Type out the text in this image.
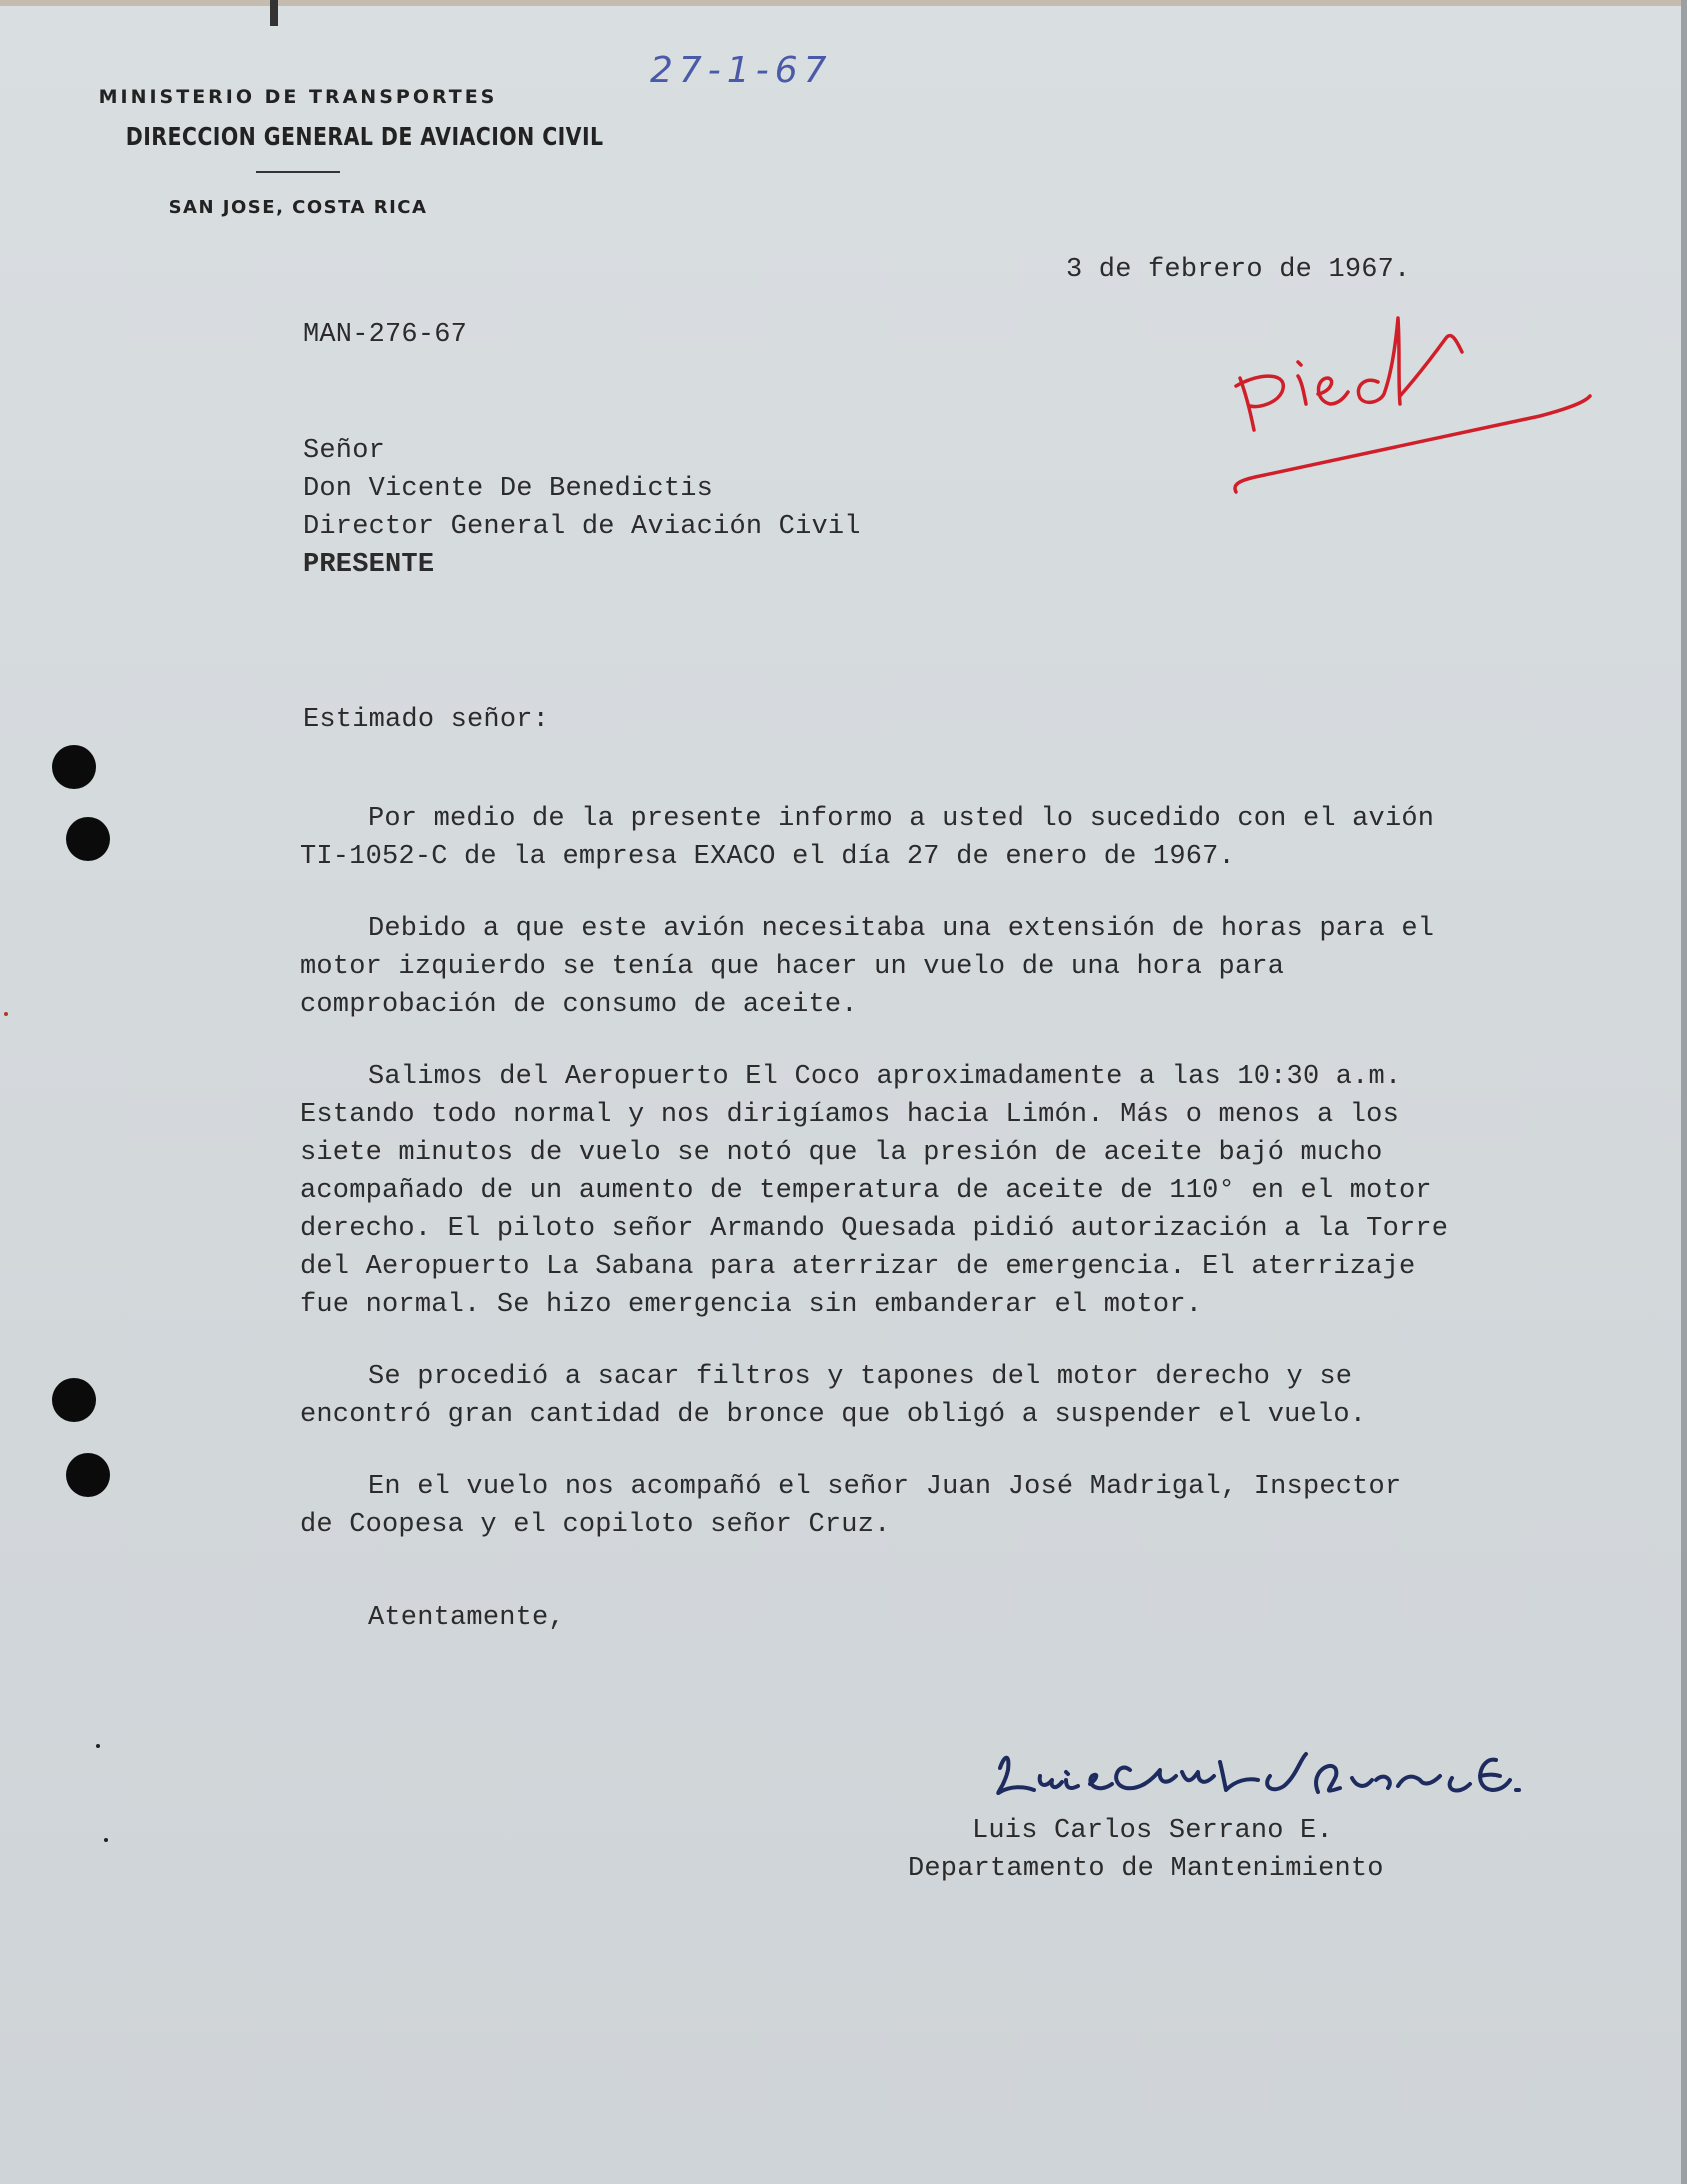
MINISTERIO DE TRANSPORTES
DIRECCION GENERAL DE AVIACION CIVIL
SAN JOSE, COSTA RICA
27-1-67
3 de febrero de 1967.
MAN-276-67
Señor
Don Vicente De Benedictis
Director General de Aviación Civil
PRESENTE
Estimado señor:

Por medio de la presente informo a usted lo sucedido con el avión TI-1052-C de la empresa EXACO el día 27 de enero de 1967.

Debido a que este avión necesitaba una extensión de horas para el motor izquierdo se tenía que hacer un vuelo de una hora para comprobación de consumo de aceite.

Salimos del Aeropuerto El Coco aproximadamente a las 10:30 a.m. Estando todo normal y nos dirigíamos hacia Limón. Más o menos a los siete minutos de vuelo se notó que la presión de aceite bajó mucho acompañado de un aumento de temperatura de aceite de 110° en el motor derecho. El piloto señor Armando Quesada pidió autorización a la Torre del Aeropuerto La Sabana para aterrizar de emergencia. El aterrizaje fue normal. Se hizo emergencia sin embanderar el motor.

Se procedió a sacar filtros y tapones del motor derecho y se encontró gran cantidad de bronce que obligó a suspender el vuelo.

En el vuelo nos acompañó el señor Juan José Madrigal, Inspector de Coopesa y el copiloto señor Cruz.

Atentamente,
Luis Carlos Serrano E.
Departamento de Mantenimiento
